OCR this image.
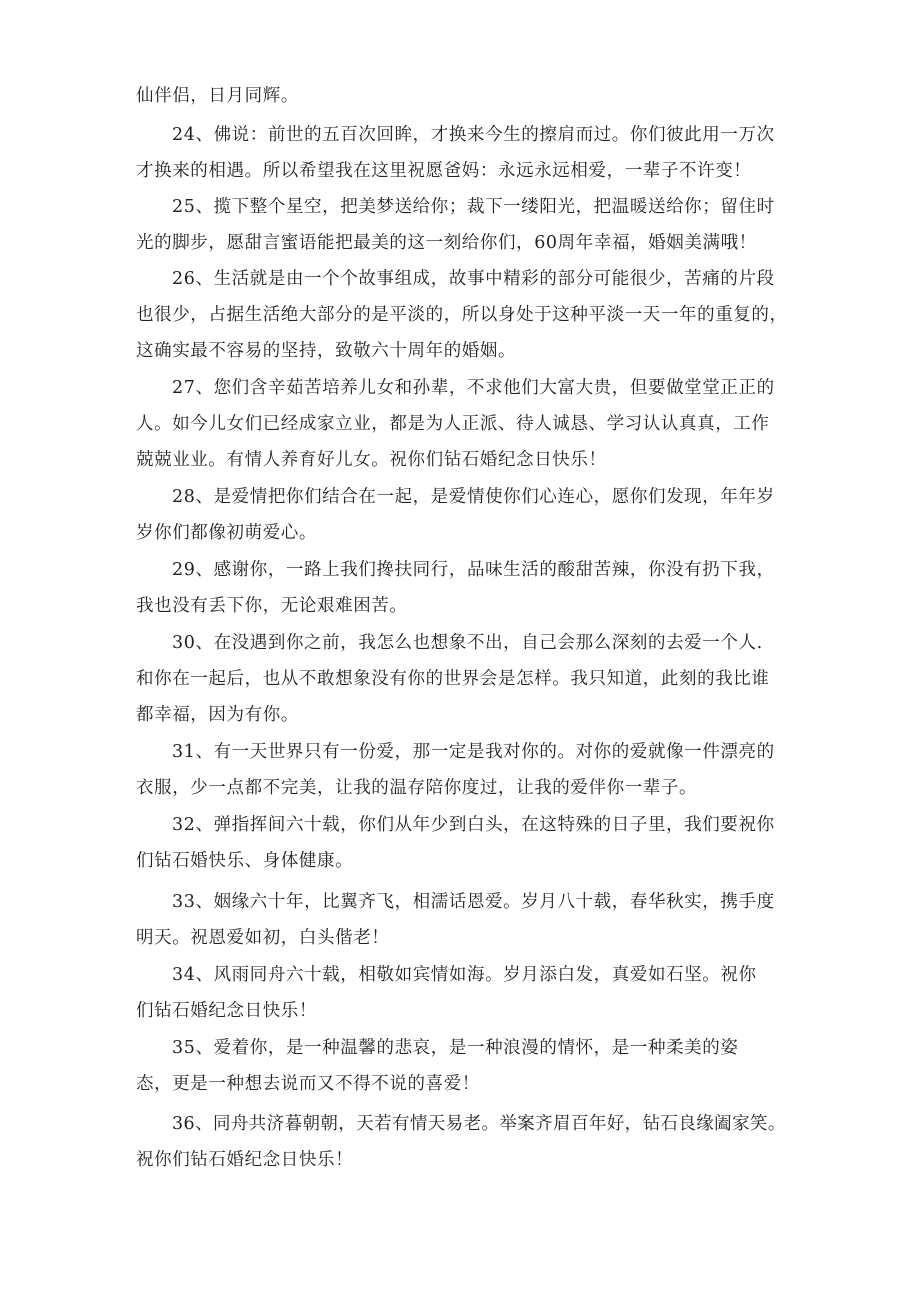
仙伴侣，日月同辉。
24、佛说：前世的五百次回眸，才换来今生的擦肩而过。你们彼此用一万次
才换来的相遇。所以希望我在这里祝愿爸妈：永远永远相爱，一辈子不许变！
25、揽下整个星空，把美梦送给你；裁下一缕阳光，把温暖送给你；留住时
光的脚步，愿甜言蜜语能把最美的这一刻给你们，60周年幸福，婚姻美满哦！
26、生活就是由一个个故事组成，故事中精彩的部分可能很少，苦痛的片段
也很少，占据生活绝大部分的是平淡的，所以身处于这种平淡一天一年的重复的，
这确实最不容易的坚持，致敬六十周年的婚姻。
27、您们含辛茹苦培养儿女和孙辈，不求他们大富大贵，但要做堂堂正正的
人。如今儿女们已经成家立业，都是为人正派、待人诚恳、学习认认真真，工作
兢兢业业。有情人养育好儿女。祝你们钻石婚纪念日快乐！
28、是爱情把你们结合在一起，是爱情使你们心连心，愿你们发现，年年岁
岁你们都像初萌爱心。
29、感谢你，一路上我们搀扶同行，品味生活的酸甜苦辣，你没有扔下我，
我也没有丢下你，无论艰难困苦。
30、在没遇到你之前，我怎么也想象不出，自己会那么深刻的去爱一个人.
和你在一起后，也从不敢想象没有你的世界会是怎样。我只知道，此刻的我比谁
都幸福，因为有你。
31、有一天世界只有一份爱，那一定是我对你的。对你的爱就像一件漂亮的
衣服，少一点都不完美，让我的温存陪你度过，让我的爱伴你一辈子。
32、弹指挥间六十载，你们从年少到白头，在这特殊的日子里，我们要祝你
们钻石婚快乐、身体健康。
33、姻缘六十年，比翼齐飞，相濡话恩爱。岁月八十载，春华秋实，携手度
明天。祝恩爱如初，白头偕老！
34、风雨同舟六十载，相敬如宾情如海。岁月添白发，真爱如石坚。祝你
们钻石婚纪念日快乐！
35、爱着你，是一种温馨的悲哀，是一种浪漫的情怀，是一种柔美的姿
态，更是一种想去说而又不得不说的喜爱！
36、同舟共济暮朝朝，天若有情天易老。举案齐眉百年好，钻石良缘阖家笑。
祝你们钻石婚纪念日快乐！
